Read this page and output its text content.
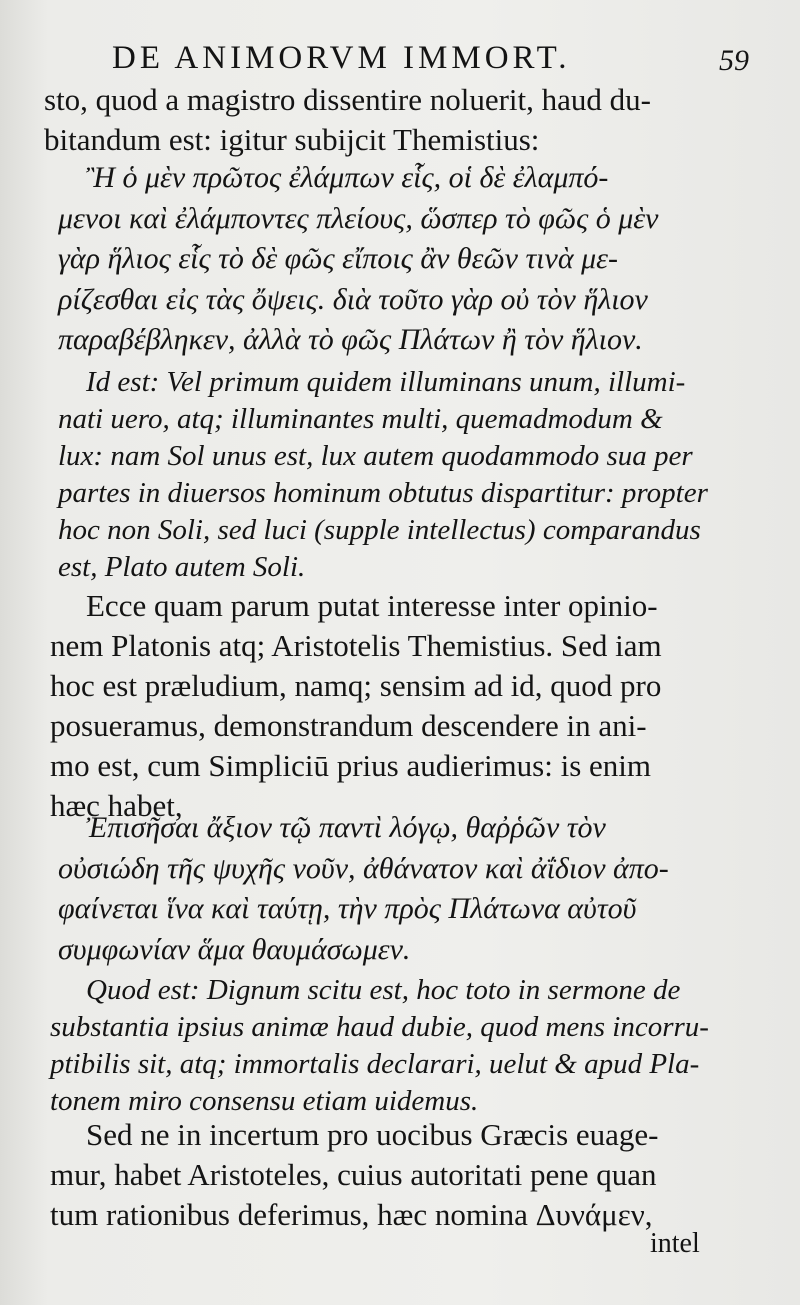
DE ANIMORVM IMMORT.	59
sto, quod a magistro dissentire noluerit, haud du-
bitandum est: igitur subijcit Themistius:
Ἢ ὁ μὲν πρῶτος ἐλάμπων εἷς, οἱ δὲ ἐλαμπό-
μενοι καὶ ἐλάμποντες πλείους, ὥσπερ τὸ φῶς ὁ μὲν
γὰρ ἥλιος εἷς τὸ δὲ φῶς εἴποις ἂν θεῶν τινὰ με-
ρίζεσθαι εἰς τὰς ὄψεις. διὰ τοῦτο γὰρ οὐ τὸν ἥλιον
παραβέβληκεν, ἀλλὰ τὸ φῶς Πλάτων ἢ τὸν ἥλιον.
Id est: Vel primum quidem illuminans unum, illumi-
nati uero, atq; illuminantes multi, quemadmodum &
lux: nam Sol unus est, lux autem quodammodo sua per
partes in diuersos hominum obtutus dispartitur: propter
hoc non Soli, sed luci (supple intellectus) comparandus
est, Plato autem Soli.
Ecce quam parum putat interesse inter opinio-
nem Platonis atq; Aristotelis Themistius. Sed iam
hoc est præludium, namq; sensim ad id, quod pro
posueramus, demonstrandum descendere in ani-
mo est, cum Simpliciū prius audierimus: is enim
hæc habet,
Ἐπισῆσαι ἄξιον τῷ παντὶ λόγῳ, θαῤῥῶν τὸν
οὐσιώδη τῆς ψυχῆς νοῦν, ἀθάνατον καὶ ἀΐδιον ἀπο-
φαίνεται ἵνα καὶ ταύτῃ, τὴν πρὸς Πλάτωνα αὐτοῦ
συμφωνίαν ἅμα θαυμάσωμεν.
Quod est: Dignum scitu est, hoc toto in sermone de
substantia ipsius animæ haud dubie, quod mens incorru-
ptibilis sit, atq; immortalis declarari, uelut & apud Pla-
tonem miro consensu etiam uidemus.
Sed ne in incertum pro uocibus Græcis euage-
mur, habet Aristoteles, cuius autoritati pene quan
tum rationibus deferimus, hæc nomina Δυνάμεν,
intel
